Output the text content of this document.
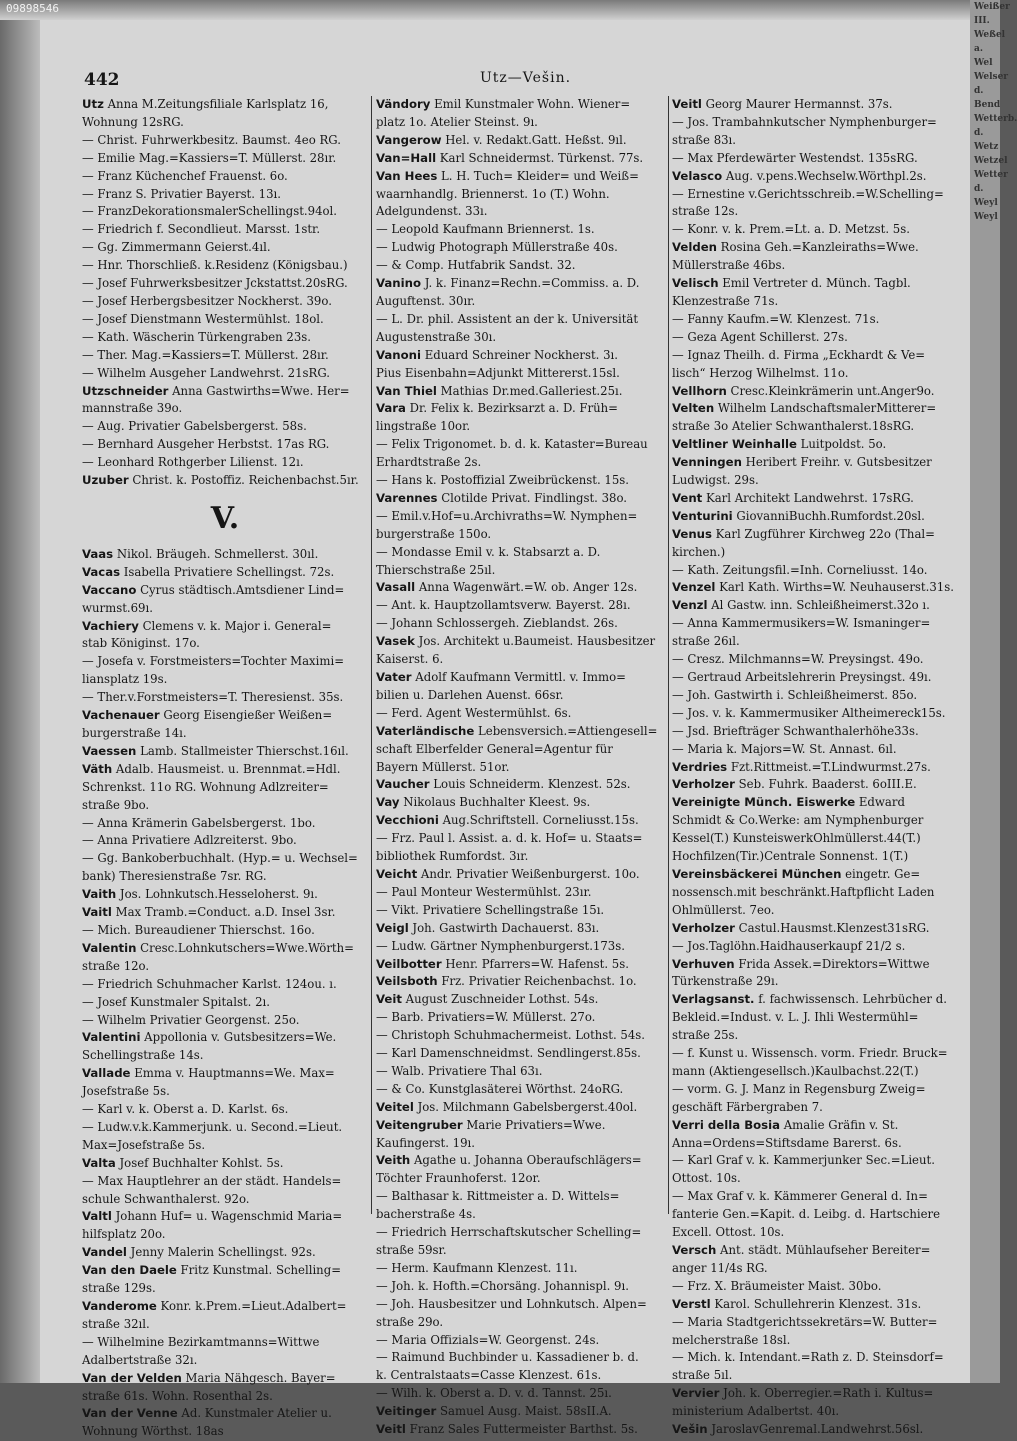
09898546
442	Utz—Vešin.
Utz Anna M.Zeitungsfiliale Karlsplatz 16,
Wohnung 12sRG.
— Christ. Fuhrwerkbesitz. Baumst. 4eo RG.
— Emilie Mag.=Kassiers=T. Müllerst. 28ır.
— Franz Küchenchef Frauenst. 6o.
— Franz S. Privatier Bayerst. 13ı.
— FranzDekorationsmalerSchellingst.94ol.
— Friedrich f. Secondlieut. Marsst. 1str.
— Gg. Zimmermann Geierst.4ıl.
— Hnr. Thorschließ. k.Residenz (Königsbau.)
— Josef Fuhrwerksbesitzer Jckstattst.20sRG.
— Josef Herbergsbesitzer Nockherst. 39o.
— Josef Dienstmann Westermühlst. 18ol.
— Kath. Wäscherin Türkengraben 23s.
— Ther. Mag.=Kassiers=T. Müllerst. 28ır.
— Wilhelm Ausgeher Landwehrst. 21sRG.
Utzschneider Anna Gastwirths=Wwe. Her=
mannstraße 39o.
— Aug. Privatier Gabelsbergerst. 58s.
— Bernhard Ausgeher Herbstst. 17as RG.
— Leonhard Rothgerber Lilienst. 12ı.
Uzuber Christ. k. Postoffiz. Reichenbachst.5ır.
V.
Vaas Nikol. Bräugeh. Schmellerst. 30ıl.
Vacas Isabella Privatiere Schellingst. 72s.
Vaccano Cyrus städtisch.Amtsdiener Lind=
wurmst.69ı.
Vachiery Clemens v. k. Major i. General=
stab Königinst. 17o.
— Josefa v. Forstmeisters=Tochter Maximi=
liansplatz 19s.
— Ther.v.Forstmeisters=T. Theresienst. 35s.
Vachenauer Georg Eisengießer Weißen=
burgerstraße 14ı.
Vaessen Lamb. Stallmeister Thierschst.16ıl.
Väth Adalb. Hausmeist. u. Brennmat.=Hdl.
Schrenkst. 11o RG. Wohnung Adlzreiter=
straße 9bo.
— Anna Krämerin Gabelsbergerst. 1bo.
— Anna Privatiere Adlzreiterst. 9bo.
— Gg. Bankoberbuchhalt. (Hyp.= u. Wechsel=
bank) Theresienstraße 7sr. RG.
Vaith Jos. Lohnkutsch.Hesseloherst. 9ı.
Vaitl Max Tramb.=Conduct. a.D. Insel 3sr.
— Mich. Bureaudiener Thierschst. 16o.
Valentin Cresc.Lohnkutschers=Wwe.Wörth=
straße 12o.
— Friedrich Schuhmacher Karlst. 124ou. ı.
— Josef Kunstmaler Spitalst. 2ı.
— Wilhelm Privatier Georgenst. 25o.
Valentini Appollonia v. Gutsbesitzers=We.
Schellingstraße 14s.
Vallade Emma v. Hauptmanns=We. Max=
Josefstraße 5s.
— Karl v. k. Oberst a. D. Karlst. 6s.
— Ludw.v.k.Kammerjunk. u. Second.=Lieut.
Max=Josefstraße 5s.
Valta Josef Buchhalter Kohlst. 5s.
— Max Hauptlehrer an der städt. Handels=
schule Schwanthalerst. 92o.
Valtl Johann Huf= u. Wagenschmid Maria=
hilfsplatz 20o.
Vandel Jenny Malerin Schellingst. 92s.
Van den Daele Fritz Kunstmal. Schelling=
straße 129s.
Vanderome Konr. k.Prem.=Lieut.Adalbert=
straße 32ıl.
— Wilhelmine Bezirkamtmanns=Wittwe
Adalbertstraße 32ı.
Van der Velden Maria Nähgesch. Bayer=
straße 61s. Wohn. Rosenthal 2s.
Van der Venne Ad. Kunstmaler Atelier u.
Wohnung Wörthst. 18as
Vändory Emil Kunstmaler Wohn. Wiener=
platz 1o. Atelier Steinst. 9ı.
Vangerow Hel. v. Redakt.Gatt. Heßst. 9ıl.
Van=Hall Karl Schneidermst. Türkenst. 77s.
Van Hees L. H. Tuch= Kleider= und Weiß=
waarnhandlg. Briennerst. 1o (T.) Wohn.
Adelgundenst. 33ı.
— Leopold Kaufmann Briennerst. 1s.
— Ludwig Photograph Müllerstraße 40s.
— & Comp. Hutfabrik Sandst. 32.
Vanino J. k. Finanz=Rechn.=Commiss. a. D.
Auguftenst. 30ır.
— L. Dr. phil. Assistent an der k. Universität
Augustenstraße 30ı.
Vanoni Eduard Schreiner Nockherst. 3ı.
Pius Eisenbahn=Adjunkt Mittererst.15sl.
Van Thiel Mathias Dr.med.Galleriest.25ı.
Vara Dr. Felix k. Bezirksarzt a. D. Früh=
lingstraße 10or.
— Felix Trigonomet. b. d. k. Kataster=Bureau
Erhardtstraße 2s.
— Hans k. Postoffizial Zweibrückenst. 15s.
Varennes Clotilde Privat. Findlingst. 38o.
— Emil.v.Hof=u.Archivraths=W. Nymphen=
burgerstraße 150o.
— Mondasse Emil v. k. Stabsarzt a. D.
Thierschstraße 25ıl.
Vasall Anna Wagenwärt.=W. ob. Anger 12s.
— Ant. k. Hauptzollamtsverw. Bayerst. 28ı.
— Johann Schlossergeh. Zieblandst. 26s.
Vasek Jos. Architekt u.Baumeist. Hausbesitzer
Kaiserst. 6.
Vater Adolf Kaufmann Vermittl. v. Immo=
bilien u. Darlehen Auenst. 66sr.
— Ferd. Agent Westermühlst. 6s.
Vaterländische Lebensversich.=Attiengesell=
schaft Elberfelder General=Agentur für
Bayern Müllerst. 51or.
Vaucher Louis Schneiderm. Klenzest. 52s.
Vay Nikolaus Buchhalter Kleest. 9s.
Vecchioni Aug.Schriftstell. Corneliusst.15s.
— Frz. Paul l. Assist. a. d. k. Hof= u. Staats=
bibliothek Rumfordst. 3ır.
Veicht Andr. Privatier Weißenburgerst. 10o.
— Paul Monteur Westermühlst. 23ır.
— Vikt. Privatiere Schellingstraße 15ı.
Veigl Joh. Gastwirth Dachauerst. 83ı.
— Ludw. Gärtner Nymphenburgerst.173s.
Veilbotter Henr. Pfarrers=W. Hafenst. 5s.
Veilsboth Frz. Privatier Reichenbachst. 1o.
Veit August Zuschneider Lothst. 54s.
— Barb. Privatiers=W. Müllerst. 27o.
— Christoph Schuhmachermeist. Lothst. 54s.
— Karl Damenschneidmst. Sendlingerst.85s.
— Walb. Privatiere Thal 63ı.
— & Co. Kunstglasäterei Wörthst. 24oRG.
Veitel Jos. Milchmann Gabelsbergerst.40ol.
Veitengruber Marie Privatiers=Wwe.
Kaufingerst. 19ı.
Veith Agathe u. Johanna Oberaufschlägers=
Töchter Fraunhoferst. 12or.
— Balthasar k. Rittmeister a. D. Wittels=
bacherstraße 4s.
— Friedrich Herrschaftskutscher Schelling=
straße 59sr.
— Herm. Kaufmann Klenzest. 11ı.
— Joh. k. Hofth.=Chorsäng. Johannispl. 9ı.
— Joh. Hausbesitzer und Lohnkutsch. Alpen=
straße 29o.
— Maria Offizials=W. Georgenst. 24s.
— Raimund Buchbinder u. Kassadiener b. d.
k. Centralstaats=Casse Klenzest. 61s.
— Wilh. k. Oberst a. D. v. d. Tannst. 25ı.
Veitinger Samuel Ausg. Maist. 58sII.A.
Veitl Franz Sales Futtermeister Barthst. 5s.
Veitl Georg Maurer Hermannst. 37s.
— Jos. Trambahnkutscher Nymphenburger=
straße 83ı.
— Max Pferdewärter Westendst. 135sRG.
Velasco Aug. v.pens.Wechselw.Wörthpl.2s.
— Ernestine v.Gerichtsschreib.=W.Schelling=
straße 12s.
— Konr. v. k. Prem.=Lt. a. D. Metzst. 5s.
Velden Rosina Geh.=Kanzleiraths=Wwe.
Müllerstraße 46bs.
Velisch Emil Vertreter d. Münch. Tagbl.
Klenzestraße 71s.
— Fanny Kaufm.=W. Klenzest. 71s.
— Geza Agent Schillerst. 27s.
— Ignaz Theilh. d. Firma „Eckhardt & Ve=
lisch“ Herzog Wilhelmst. 11o.
Vellhorn Cresc.Kleinkrämerin unt.Anger9o.
Velten Wilhelm LandschaftsmalerMitterer=
straße 3o Atelier Schwanthalerst.18sRG.
Veltliner Weinhalle Luitpoldst. 5o.
Venningen Heribert Freihr. v. Gutsbesitzer
Ludwigst. 29s.
Vent Karl Architekt Landwehrst. 17sRG.
Venturini GiovanniBuchh.Rumfordst.20sl.
Venus Karl Zugführer Kirchweg 22o (Thal=
kirchen.)
— Kath. Zeitungsfil.=Inh. Corneliusst. 14o.
Venzel Karl Kath. Wirths=W. Neuhauserst.31s.
Venzl Al Gastw. inn. Schleißheimerst.32o ı.
— Anna Kammermusikers=W. Ismaninger=
straße 26ıl.
— Cresz. Milchmanns=W. Preysingst. 49o.
— Gertraud Arbeitslehrerin Preysingst. 49ı.
— Joh. Gastwirth i. Schleißheimerst. 85o.
— Jos. v. k. Kammermusiker Altheimereck15s.
— Jsd. Briefträger Schwanthalerhöhe33s.
— Maria k. Majors=W. St. Annast. 6ıl.
Verdries Fzt.Rittmeist.=T.Lindwurmst.27s.
Verholzer Seb. Fuhrk. Baaderst. 6oIII.E.
Vereinigte Münch. Eiswerke Edward
Schmidt & Co.Werke: am Nymphenburger
Kessel(T.) KunsteiswerkOhlmüllerst.44(T.)
Hochfilzen(Tir.)Centrale Sonnenst. 1(T.)
Vereinsbäckerei München eingetr. Ge=
nossensch.mit beschränkt.Haftpflicht Laden
Ohlmüllerst. 7eo.
Verholzer Castul.Hausmst.Klenzest31sRG.
— Jos.Taglöhn.Haidhauserkaupf 21/2 s.
Verhuven Frida Assek.=Direktors=Wittwe
Türkenstraße 29ı.
Verlagsanst. f. fachwissensch. Lehrbücher d.
Bekleid.=Indust. v. L. J. Ihli Westermühl=
straße 25s.
— f. Kunst u. Wissensch. vorm. Friedr. Bruck=
mann (Aktiengesellsch.)Kaulbachst.22(T.)
— vorm. G. J. Manz in Regensburg Zweig=
geschäft Färbergraben 7.
Verri della Bosia Amalie Gräfin v. St.
Anna=Ordens=Stiftsdame Barerst. 6s.
— Karl Graf v. k. Kammerjunker Sec.=Lieut.
Ottost. 10s.
— Max Graf v. k. Kämmerer General d. In=
fanterie Gen.=Kapit. d. Leibg. d. Hartschiere
Excell. Ottost. 10s.
Versch Ant. städt. Mühlaufseher Bereiter=
anger 11/4s RG.
— Frz. X. Bräumeister Maist. 30bo.
Verstl Karol. Schullehrerin Klenzest. 31s.
— Maria Stadtgerichtssekretärs=W. Butter=
melcherstraße 18sl.
— Mich. k. Intendant.=Rath z. D. Steinsdorf=
straße 5ıl.
Vervier Joh. k. Oberregier.=Rath i. Kultus=
ministerium Adalbertst. 40ı.
Vešin JaroslavGenremal.Landwehrst.56sl.
Weißer
III.
Weßel
a.
Wel
Welser
d.
Bend
Wetterb.
d.
Wetz
Wetzel
Wetter
d.
Weyl
Weyl
